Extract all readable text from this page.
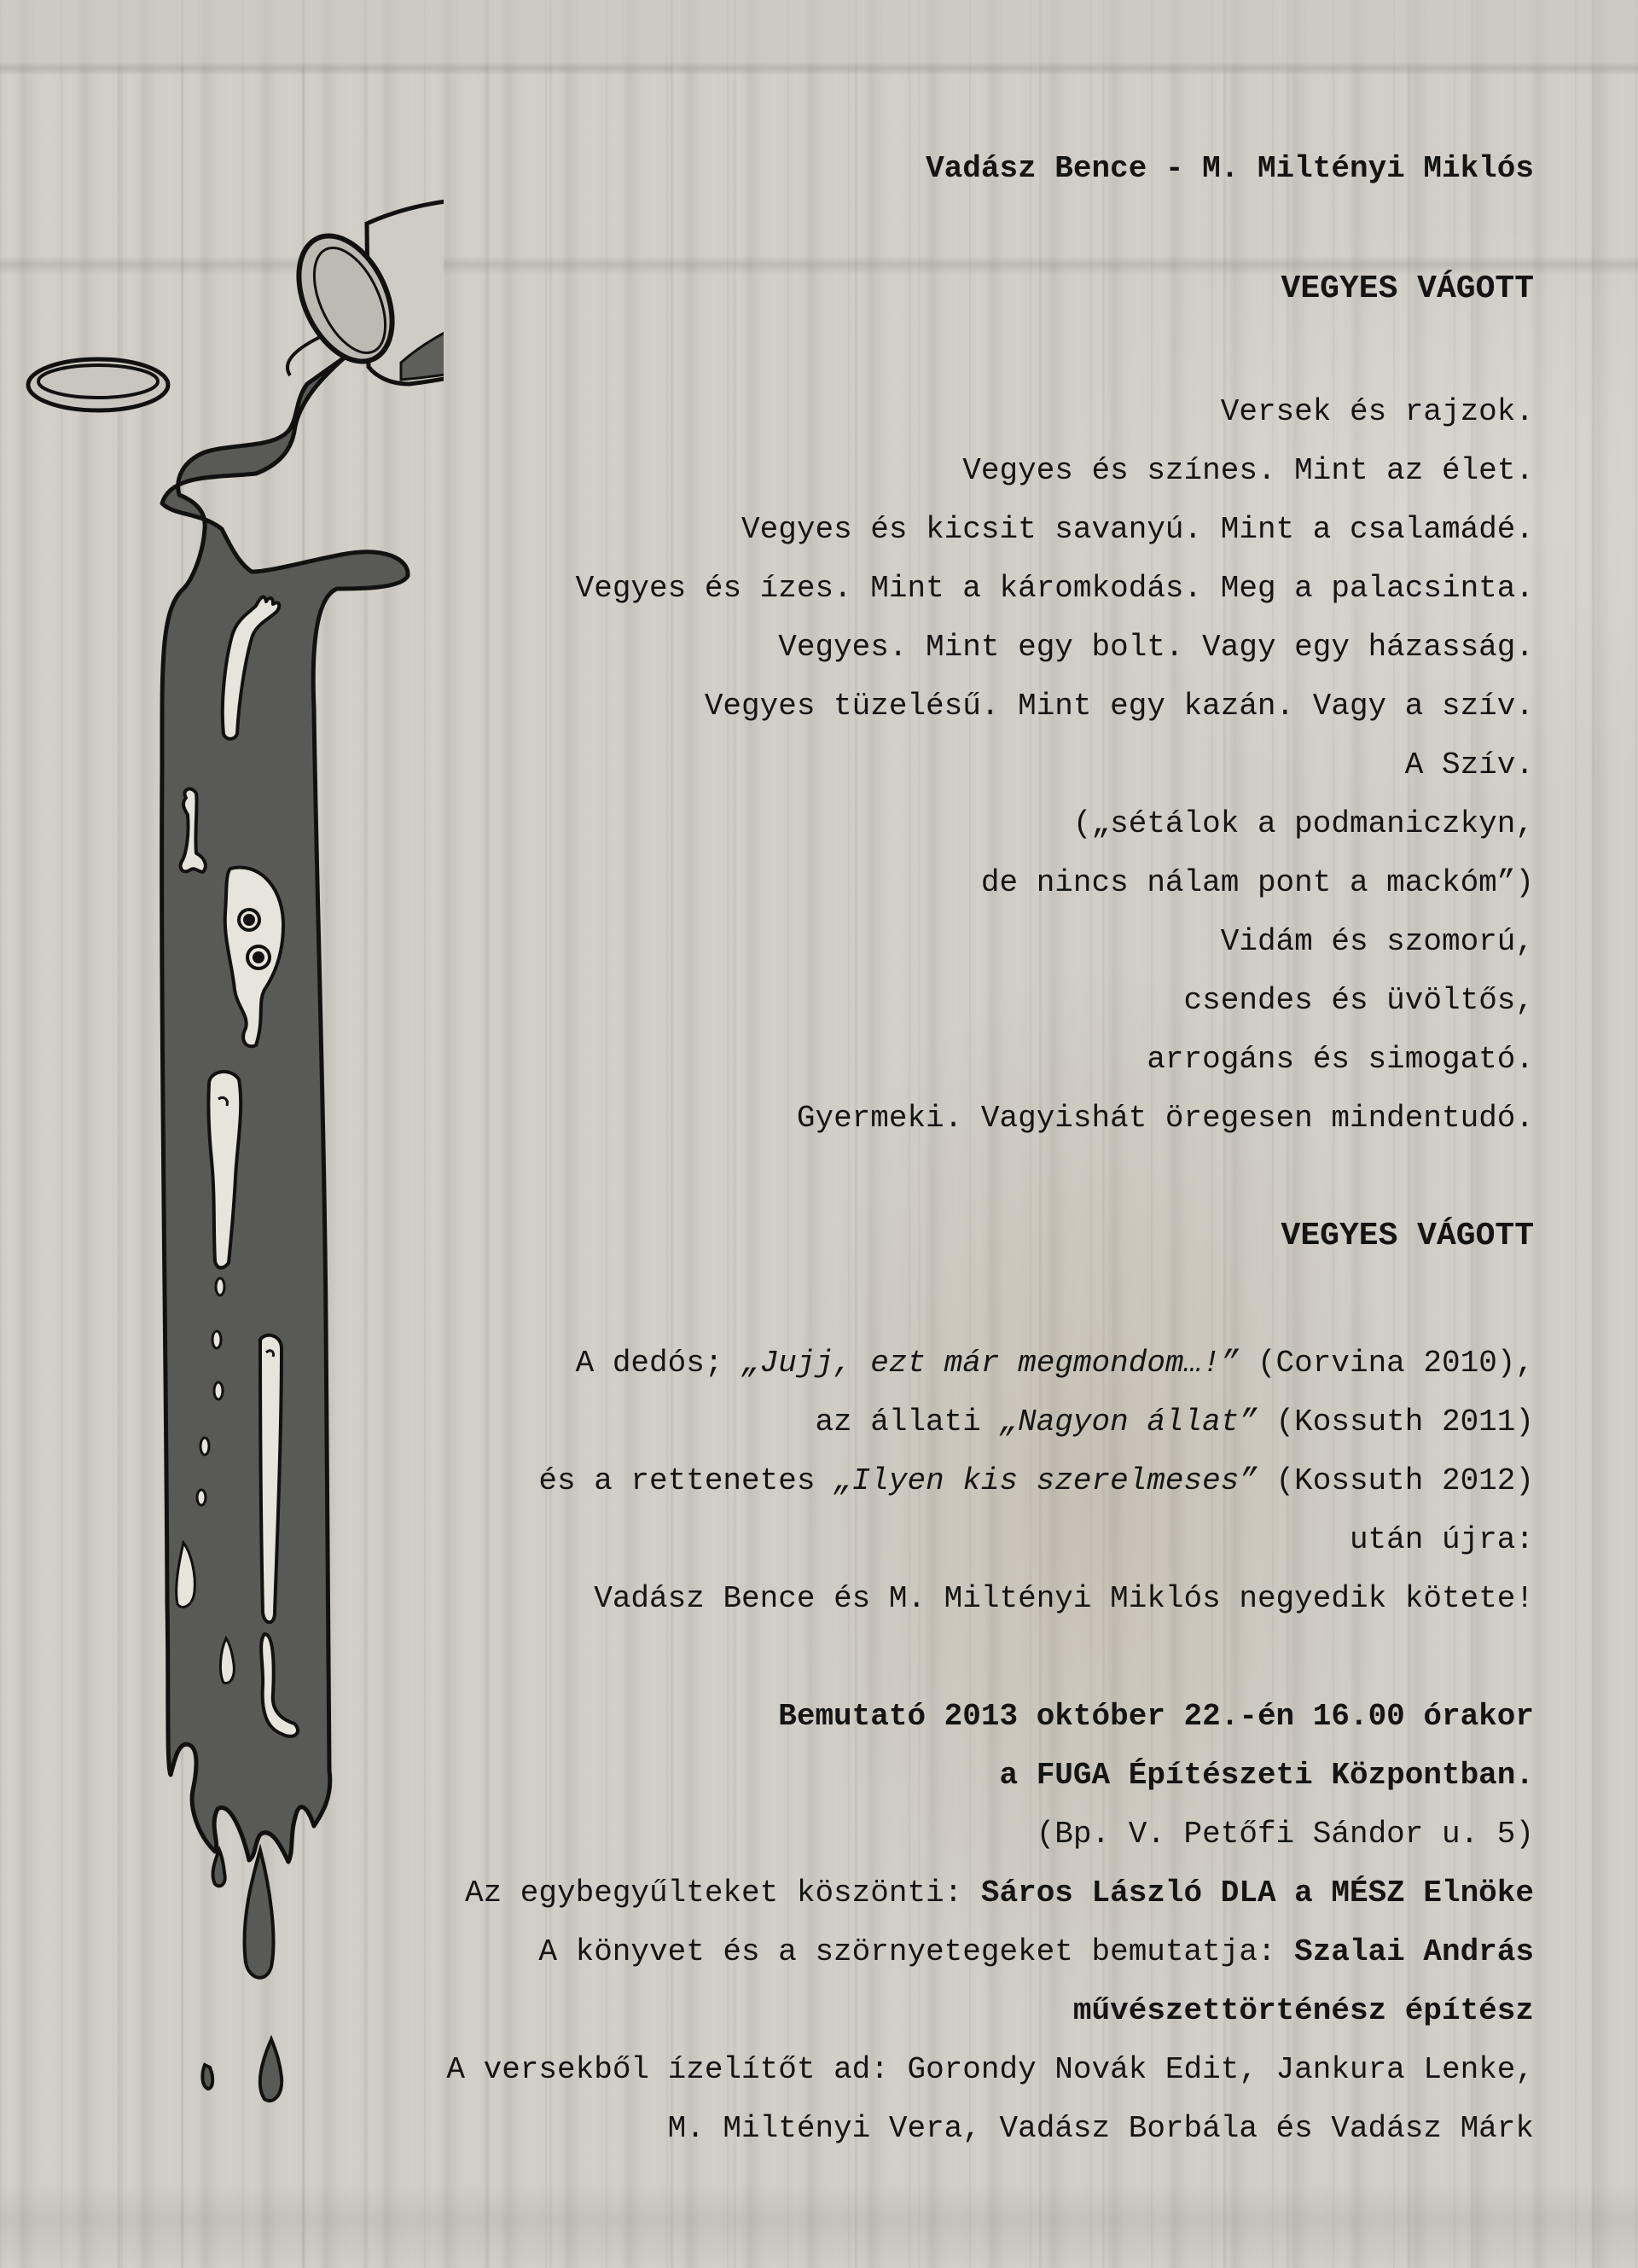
Vadász Bence - M. Miltényi Miklós
VEGYES VÁGOTT
Versek és rajzok.
Vegyes és színes. Mint az élet.
Vegyes és kicsit savanyú. Mint a csalamádé.
Vegyes és ízes. Mint a káromkodás. Meg a palacsinta.
Vegyes. Mint egy bolt. Vagy egy házasság.
Vegyes tüzelésű. Mint egy kazán. Vagy a szív.
A Szív.
(„sétálok a podmaniczkyn,
de nincs nálam pont a mackóm”)
Vidám és szomorú,
csendes és üvöltős,
arrogáns és simogató.
Gyermeki. Vagyishát öregesen mindentudó.
VEGYES VÁGOTT
A dedós; „Jujj, ezt már megmondom…!” (Corvina 2010),
az állati „Nagyon állat” (Kossuth 2011)
és a rettenetes „Ilyen kis szerelmeses” (Kossuth 2012)
után újra:
Vadász Bence és M. Miltényi Miklós negyedik kötete!
Bemutató 2013 október 22.-én 16.00 órakor
a FUGA Építészeti Központban.
(Bp. V. Petőfi Sándor u. 5)
Az egybegyűlteket köszönti: Sáros László DLA a MÉSZ Elnöke
A könyvet és a szörnyetegeket bemutatja: Szalai András
művészettörténész építész
A versekből ízelítőt ad: Gorondy Novák Edit, Jankura Lenke,
M. Miltényi Vera, Vadász Borbála és Vadász Márk
